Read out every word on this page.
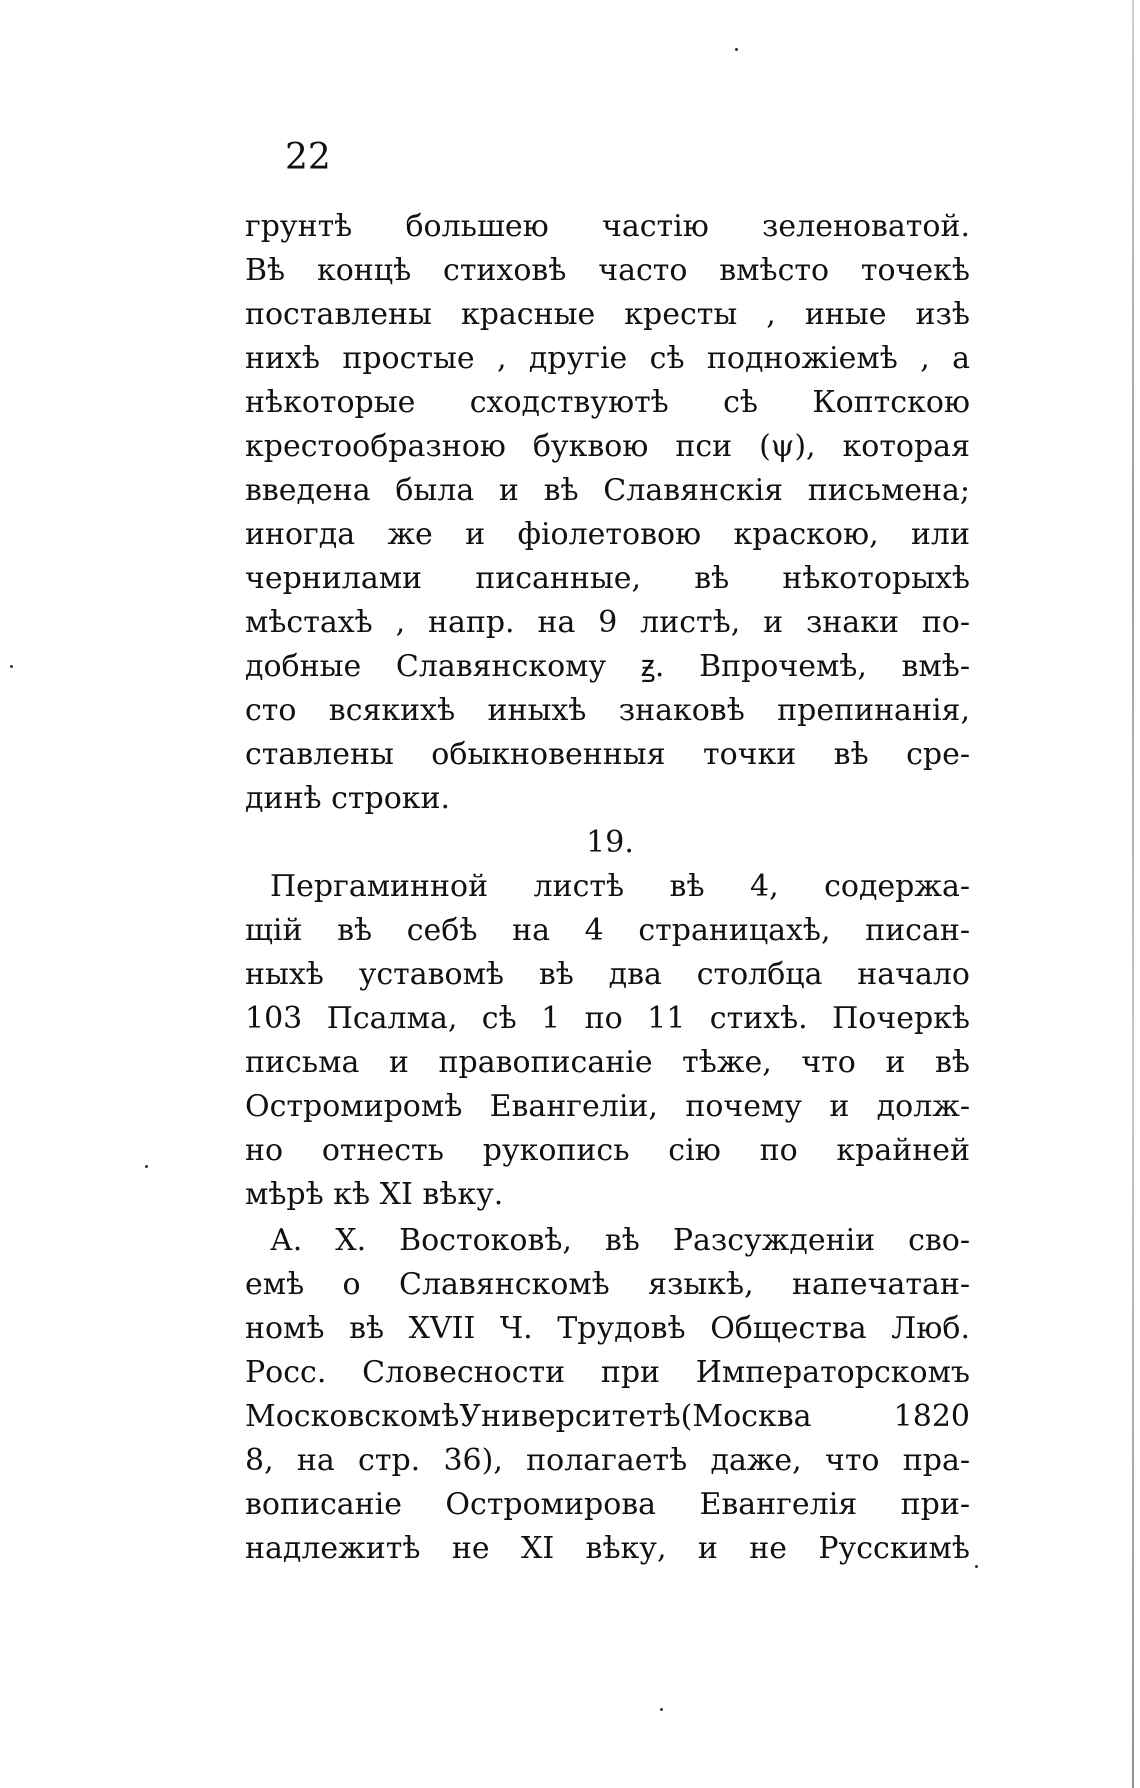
22
грунтѣ большею частію зеленоватой.
Вѣ концѣ стиховѣ часто вмѣсто точекѣ
поставлены красные кресты , иные изѣ
нихѣ простые , другіе сѣ подножіемѣ , а
нѣкоторые сходствуютѣ сѣ Коптскою
крестообразною буквою пси (ψ), которая
введена была и вѣ Славянскія письмена;
иногда же и фіолетовою краскою, или
чернилами писанные, вѣ нѣкоторыхѣ
мѣстахѣ , напр. на 9 листѣ, и знаки по-
добные Славянскому ꙃ. Впрочемѣ, вмѣ-
сто всякихѣ иныхѣ знаковѣ препинанія,
ставлены обыкновенныя точки вѣ сре-
динѣ строки.
19.
Пергаминной листѣ вѣ 4, содержа-
щій вѣ себѣ на 4 страницахѣ, писан-
ныхѣ уставомѣ вѣ два столбца начало
103 Псалма, сѣ 1 по 11 стихѣ. Почеркѣ
письма и правописаніе тѣже, что и вѣ
Остромиромѣ Евангеліи, почему и долж-
но отнесть рукопись сію по крайней
мѣрѣ кѣ XI вѣку.
А. Х. Востоковѣ, вѣ Разсужденіи сво-
емѣ о Славянскомѣ языкѣ, напечатан-
номѣ вѣ XVII Ч. Трудовѣ Общества Люб.
Росс. Словесности при Императорскомъ
МосковскомѣУниверситетѣ(Москва 1820
8, на стр. 36), полагаетѣ даже, что пра-
вописаніе Остромирова Евангелія при-
надлежитѣ не XI вѣку, и не Русскимѣ
